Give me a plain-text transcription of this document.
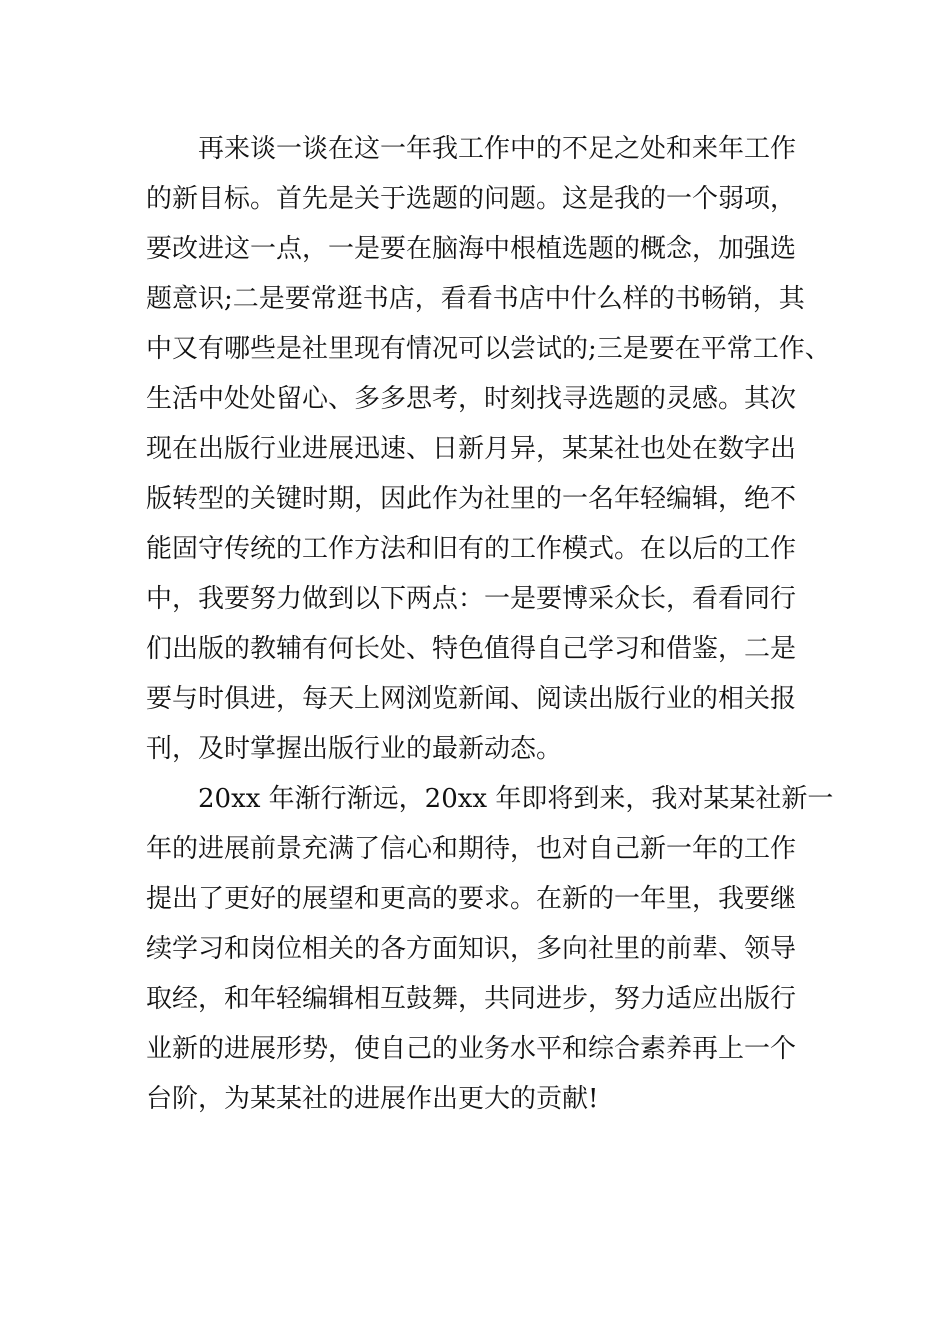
再来谈一谈在这一年我工作中的不足之处和来年工作
的新目标。首先是关于选题的问题。这是我的一个弱项，
要改进这一点，一是要在脑海中根植选题的概念，加强选
题意识;二是要常逛书店，看看书店中什么样的书畅销，其
中又有哪些是社里现有情况可以尝试的;三是要在平常工作、
生活中处处留心、多多思考，时刻找寻选题的灵感。其次
现在出版行业进展迅速、日新月异，某某社也处在数字出
版转型的关键时期，因此作为社里的一名年轻编辑，绝不
能固守传统的工作方法和旧有的工作模式。在以后的工作
中，我要努力做到以下两点：一是要博采众长，看看同行
们出版的教辅有何长处、特色值得自己学习和借鉴，二是
要与时俱进，每天上网浏览新闻、阅读出版行业的相关报
刊，及时掌握出版行业的最新动态。
20xx 年渐行渐远，20xx 年即将到来，我对某某社新一
年的进展前景充满了信心和期待，也对自己新一年的工作
提出了更好的展望和更高的要求。在新的一年里，我要继
续学习和岗位相关的各方面知识，多向社里的前辈、领导
取经，和年轻编辑相互鼓舞，共同进步，努力适应出版行
业新的进展形势，使自己的业务水平和综合素养再上一个
台阶，为某某社的进展作出更大的贡献!
